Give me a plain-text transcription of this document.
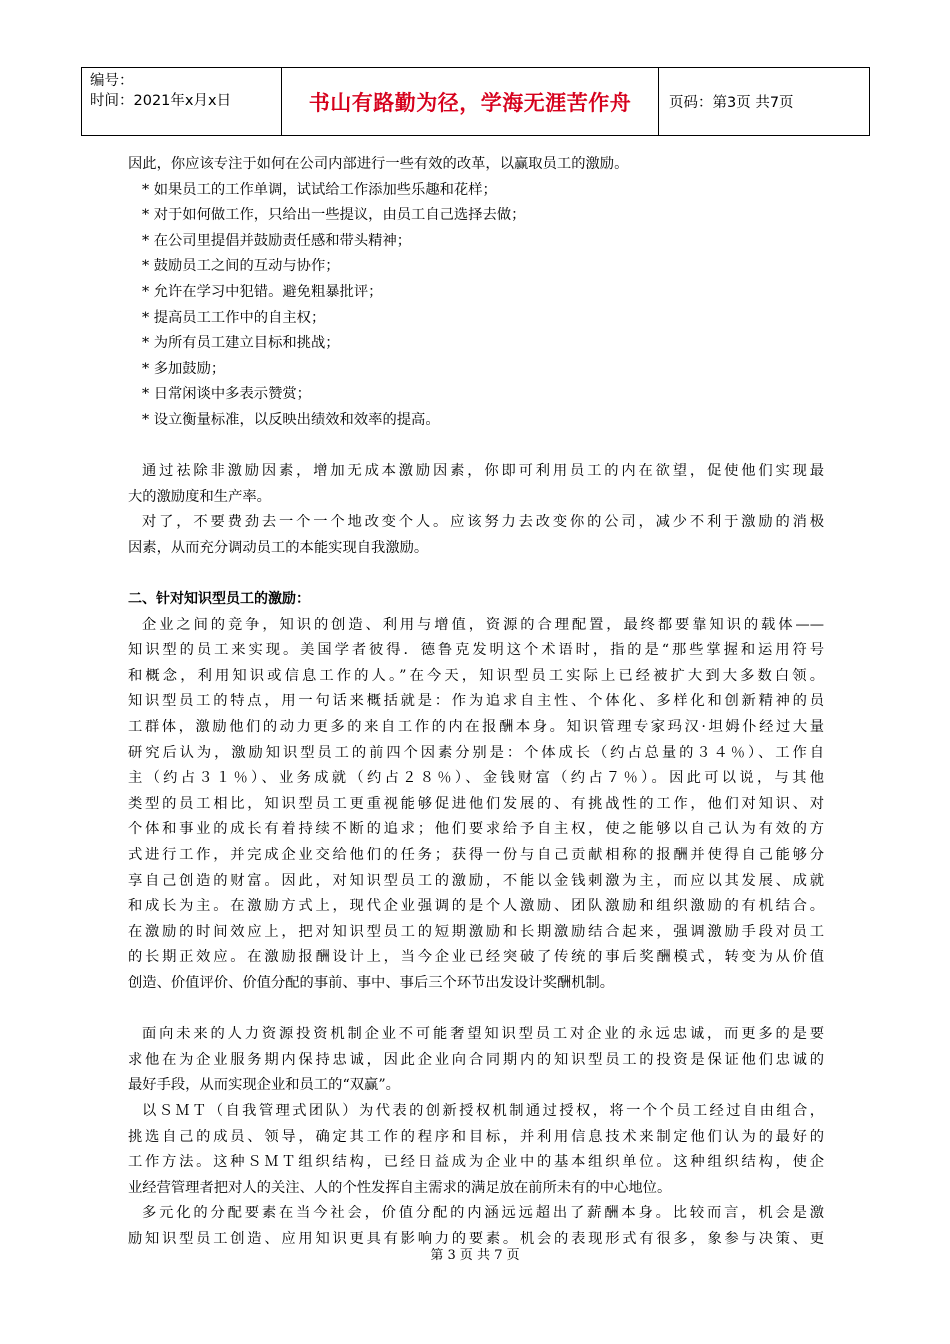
编号：
时间：2021年x月x日	书山有路勤为径，学海无涯苦作舟	页码：第3页 共7页
因此，你应该专注于如何在公司内部进行一些有效的改革，以赢取员工的激励。
* 如果员工的工作单调，试试给工作添加些乐趣和花样；
* 对于如何做工作，只给出一些提议，由员工自己选择去做；
* 在公司里提倡并鼓励责任感和带头精神；
* 鼓励员工之间的互动与协作；
* 允许在学习中犯错。避免粗暴批评；
* 提高员工工作中的自主权；
* 为所有员工建立目标和挑战；
* 多加鼓励；
* 日常闲谈中多表示赞赏；
* 设立衡量标准，以反映出绩效和效率的提高。
通过祛除非激励因素，增加无成本激励因素，你即可利用员工的内在欲望，促使他们实现最
大的激励度和生产率。
对了，不要费劲去一个一个地改变个人。应该努力去改变你的公司，减少不利于激励的消极
因素，从而充分调动员工的本能实现自我激励。
二、针对知识型员工的激励：
企业之间的竞争，知识的创造、利用与增值，资源的合理配置，最终都要靠知识的载体——
知识型的员工来实现。美国学者彼得．德鲁克发明这个术语时，指的是“那些掌握和运用符号
和概念，利用知识或信息工作的人。”在今天，知识型员工实际上已经被扩大到大多数白领。
知识型员工的特点，用一句话来概括就是：作为追求自主性、个体化、多样化和创新精神的员
工群体，激励他们的动力更多的来自工作的内在报酬本身。知识管理专家玛汉·坦姆仆经过大量
研究后认为，激励知识型员工的前四个因素分别是：个体成长（约占总量的３４％）、工作自
主（约占３１％）、业务成就（约占２８％）、金钱财富（约占７％）。因此可以说，与其他
类型的员工相比，知识型员工更重视能够促进他们发展的、有挑战性的工作，他们对知识、对
个体和事业的成长有着持续不断的追求；他们要求给予自主权，使之能够以自己认为有效的方
式进行工作，并完成企业交给他们的任务；获得一份与自己贡献相称的报酬并使得自己能够分
享自己创造的财富。因此，对知识型员工的激励，不能以金钱刺激为主，而应以其发展、成就
和成长为主。在激励方式上，现代企业强调的是个人激励、团队激励和组织激励的有机结合。
在激励的时间效应上，把对知识型员工的短期激励和长期激励结合起来，强调激励手段对员工
的长期正效应。在激励报酬设计上，当今企业已经突破了传统的事后奖酬模式，转变为从价值
创造、价值评价、价值分配的事前、事中、事后三个环节出发设计奖酬机制。
面向未来的人力资源投资机制企业不可能奢望知识型员工对企业的永远忠诚，而更多的是要
求他在为企业服务期内保持忠诚，因此企业向合同期内的知识型员工的投资是保证他们忠诚的
最好手段，从而实现企业和员工的“双赢”。
以ＳＭＴ（自我管理式团队）为代表的创新授权机制通过授权，将一个个员工经过自由组合，
挑选自己的成员、领导，确定其工作的程序和目标，并利用信息技术来制定他们认为的最好的
工作方法。这种ＳＭＴ组织结构，已经日益成为企业中的基本组织单位。这种组织结构，使企
业经营管理者把对人的关注、人的个性发挥自主需求的满足放在前所未有的中心地位。
多元化的分配要素在当今社会，价值分配的内涵远远超出了薪酬本身。比较而言，机会是激
励知识型员工创造、应用知识更具有影响力的要素。机会的表现形式有很多，象参与决策、更
第 3 页 共 7 页
